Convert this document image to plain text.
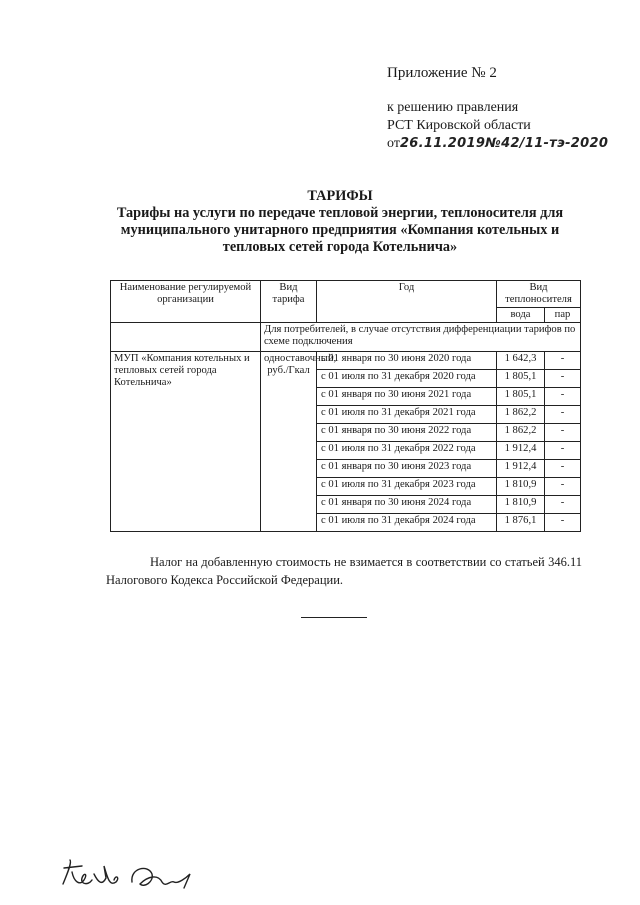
Приложение № 2
к решению правления
РСТ Кировской области
от26.11.2019№42/11-тэ-2020
ТАРИФЫ
Тарифы на услуги по передаче тепловой энергии, теплоносителя для муниципального унитарного предприятия «Компания котельных и тепловых сетей города Котельнича»
Наименование регулируемой организации	Вид тарифа	Год	Вид теплоносителя	
			вода	пар
	Для потребителей, в случае отсутствия дифференциации тарифов по схеме подключения			
МУП «Компания котельных и тепловых сетей города Котельнича»	одноставочный, руб./Гкал	с 01 января по 30 июня 2020 года	1 642,3	-
		с 01 июля по 31 декабря 2020 года	1 805,1	-
		с 01 января по 30 июня 2021 года	1 805,1	-
		с 01 июля по 31 декабря 2021 года	1 862,2	-
		с 01 января по 30 июня 2022 года	1 862,2	-
		с 01 июля по 31 декабря 2022 года	1 912,4	-
		с 01 января по 30 июня 2023 года	1 912,4	-
		с 01 июля по 31 декабря 2023 года	1 810,9	-
		с 01 января по 30 июня 2024 года	1 810,9	-
		с 01 июля по 31 декабря 2024 года	1 876,1	-
Налог на добавленную стоимость не взимается в соответствии со статьей 346.11 Налогового Кодекса Российской Федерации.
